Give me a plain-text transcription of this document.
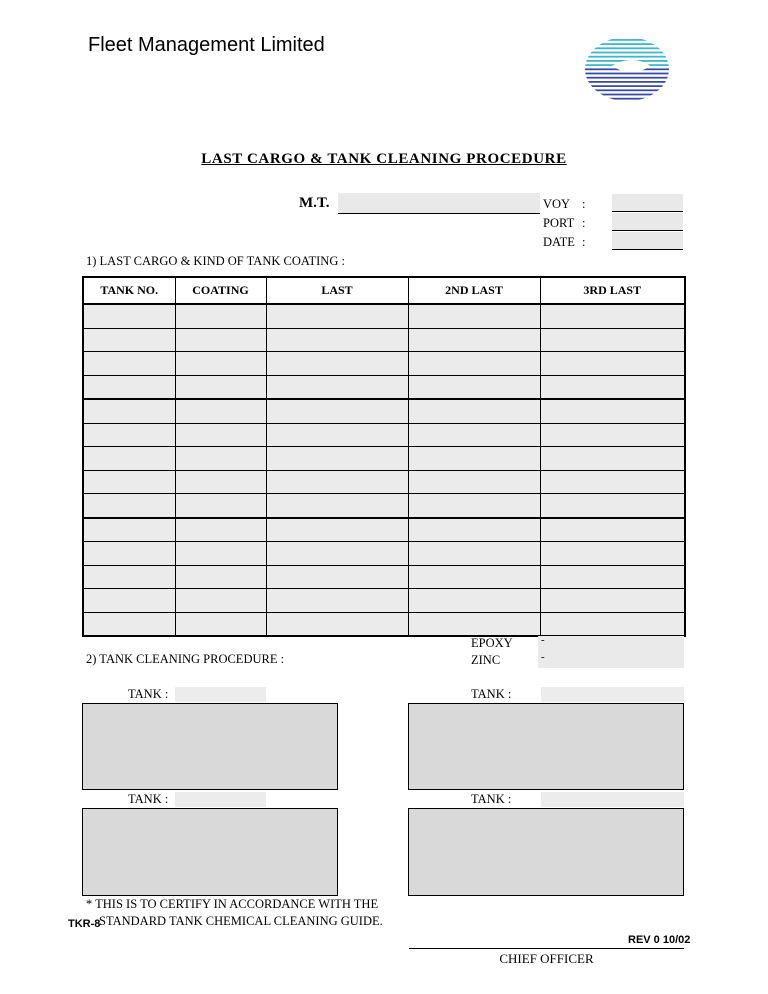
Fleet Management Limited
LAST CARGO & TANK CLEANING PROCEDURE
M.T.	VOY :
PORT :
DATE :
1) LAST CARGO & KIND OF TANK COATING :
TANK NO.	COATING	LAST	2ND LAST	3RD LAST

EPOXY	-
ZINC	-
2) TANK CLEANING PROCEDURE :
TANK :	TANK :
TANK :	TANK :
* THIS IS TO CERTIFY IN ACCORDANCE WITH THE
STANDARD TANK CHEMICAL CLEANING GUIDE.
TKR-8
REV 0 10/02
CHIEF OFFICER
